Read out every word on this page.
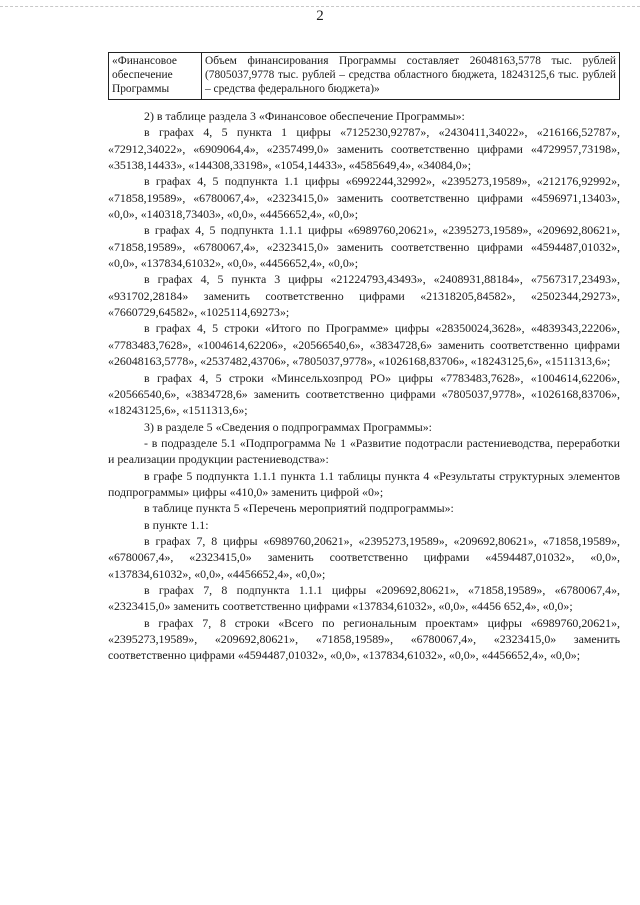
2
«Финансовое обеспечение Программы	Объем финансирования Программы составляет 26048163,5778 тыс. рублей (7805037,9778 тыс. рублей – средства областного бюджета, 18243125,6 тыс. рублей – средства федерального бюджета)»

2) в таблице раздела 3 «Финансовое обеспечение Программы»:

в графах 4, 5 пункта 1 цифры «7125230,92787», «2430411,34022», «216166,52787», «72912,34022», «6909064,4», «2357499,0» заменить соответственно цифрами «4729957,73198», «35138,14433», «144308,33198», «1054,14433», «4585649,4», «34084,0»;

в графах 4, 5 подпункта 1.1 цифры «6992244,32992», «2395273,19589», «212176,92992», «71858,19589», «6780067,4», «2323415,0» заменить соответственно цифрами «4596971,13403», «0,0», «140318,73403», «0,0», «4456652,4», «0,0»;

в графах 4, 5 подпункта 1.1.1 цифры «6989760,20621», «2395273,19589», «209692,80621», «71858,19589», «6780067,4», «2323415,0» заменить соответственно цифрами «4594487,01032», «0,0», «137834,61032», «0,0», «4456652,4», «0,0»;

в графах 4, 5 пункта 3 цифры «21224793,43493», «2408931,88184», «7567317,23493», «931702,28184» заменить соответственно цифрами «21318205,84582», «2502344,29273», «7660729,64582», «1025114,69273»;

в графах 4, 5 строки «Итого по Программе» цифры «28350024,3628», «4839343,22206», «7783483,7628», «1004614,62206», «20566540,6», «3834728,6» заменить соответственно цифрами «26048163,5778», «2537482,43706», «7805037,9778», «1026168,83706», «18243125,6», «1511313,6»;

в графах 4, 5 строки «Минсельхозпрод РО» цифры «7783483,7628», «1004614,62206», «20566540,6», «3834728,6» заменить соответственно цифрами «7805037,9778», «1026168,83706», «18243125,6», «1511313,6»;

3) в разделе 5 «Сведения о подпрограммах Программы»:

- в подразделе 5.1 «Подпрограмма № 1 «Развитие подотрасли растениеводства, переработки и реализации продукции растениеводства»:

в графе 5 подпункта 1.1.1 пункта 1.1 таблицы пункта 4 «Результаты структурных элементов подпрограммы» цифры «410,0» заменить цифрой «0»;

в таблице пункта 5 «Перечень мероприятий подпрограммы»:

в пункте 1.1:

в графах 7, 8 цифры «6989760,20621», «2395273,19589», «209692,80621», «71858,19589», «6780067,4», «2323415,0» заменить соответственно цифрами «4594487,01032», «0,0», «137834,61032», «0,0», «4456652,4», «0,0»;

в графах 7, 8 подпункта 1.1.1 цифры «209692,80621», «71858,19589», «6780067,4», «2323415,0» заменить соответственно цифрами «137834,61032», «0,0», «4456 652,4», «0,0»;

в графах 7, 8 строки «Всего по региональным проектам» цифры «6989760,20621», «2395273,19589», «209692,80621», «71858,19589», «6780067,4», «2323415,0» заменить соответственно цифрами «4594487,01032», «0,0», «137834,61032», «0,0», «4456652,4», «0,0»;
